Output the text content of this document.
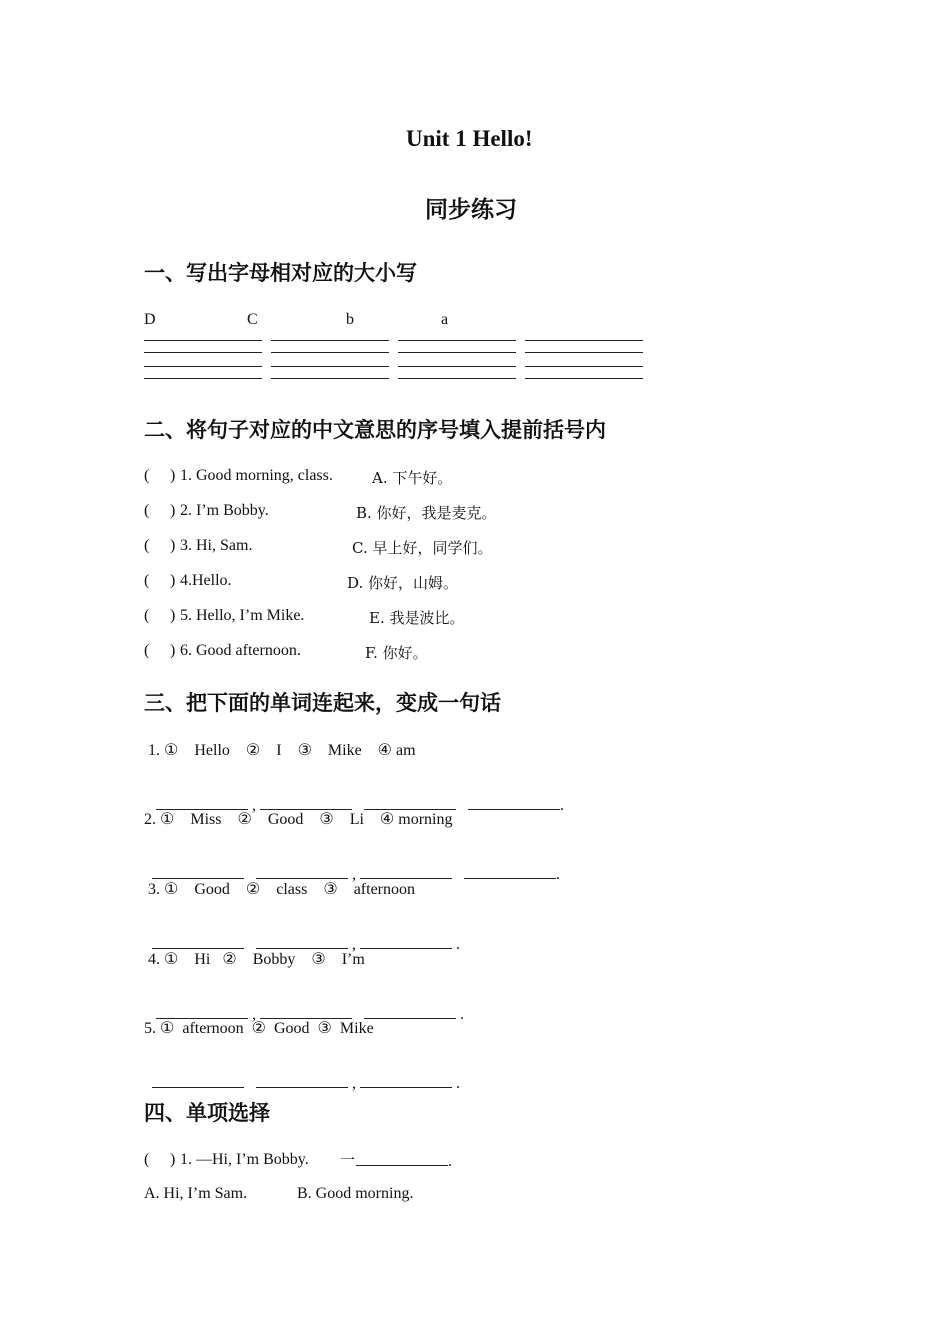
Unit 1 Hello!
同步练习
一、写出字母相对应的大小写
D	C	b	a
二、将句子对应的中文意思的序号填入提前括号内
( ) 1. Good morning, class.	A. 下午好。
( ) 2. I’m Bobby.	B. 你好，我是麦克。
( ) 3. Hi, Sam.	C. 早上好，同学们。
( ) 4.Hello.	D. 你好，山姆。
( ) 5. Hello, I’m Mike.	E. 我是波比。
( ) 6. Good afternoon.	F. 你好。
三、把下面的单词连起来，变成一句话
1. ①    Hello    ②    I    ③    Mike    ④ am

,	.

2. ①    Miss    ②    Good    ③    Li    ④ morning

,	.

3. ①    Good    ②    class    ③    afternoon

,	.

4. ①    Hi   ②    Bobby    ③    I’m

,	.

5. ①  afternoon  ②  Good  ③  Mike

,	.

四、单项选择
( ) 1. —Hi, I’m Bobby. 一	.
A. Hi, I’m Sam.	B. Good morning.
